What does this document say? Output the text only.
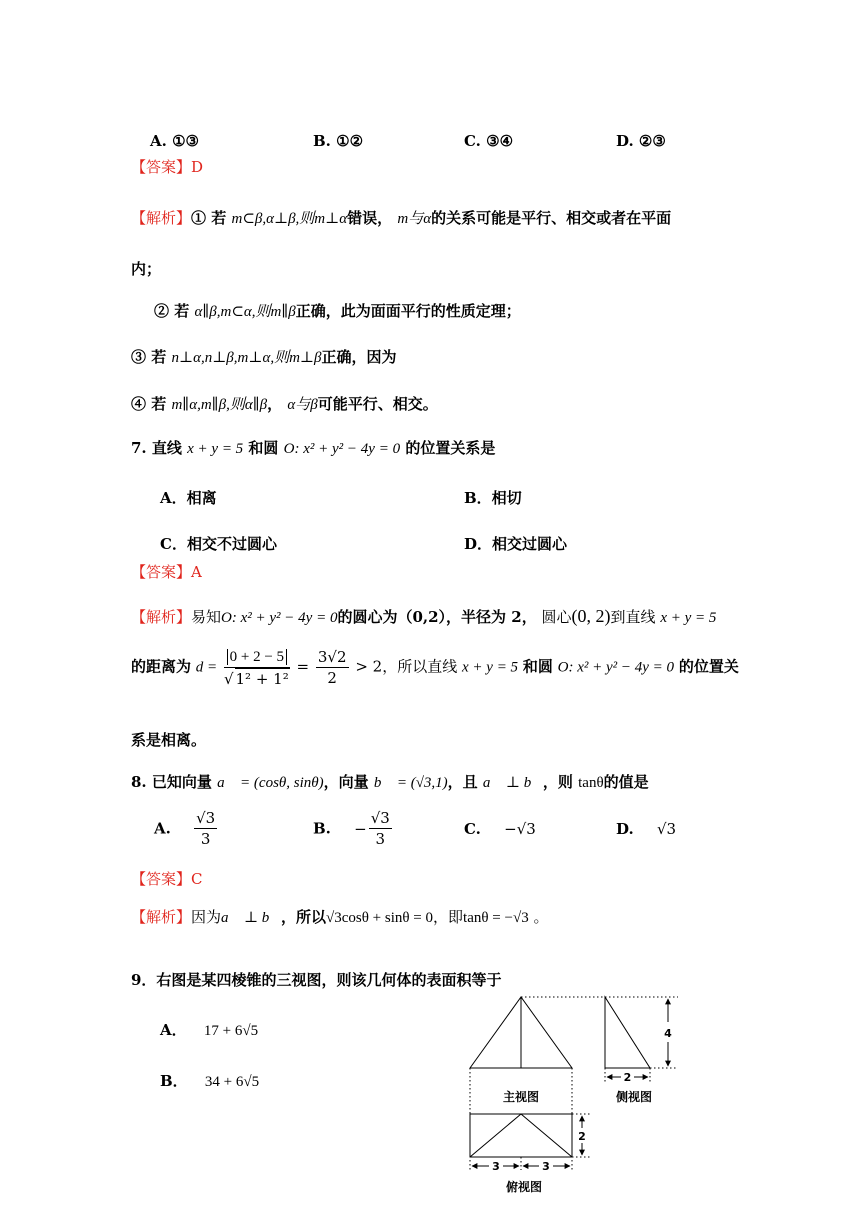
A. ①③	B. ①②	C. ③④	D. ②③
【答案】D
【解析】① 若 m⊂β,α⊥β,则m⊥α错误， m与α的关系可能是平行、相交或者在平面
内；
② 若 α∥β,m⊂α,则m∥β正确，此为面面平行的性质定理；
③ 若 n⊥α,n⊥β,m⊥α,则m⊥β正确，因为
④ 若 m∥α,m∥β,则α∥β， α与β可能平行、相交。
7. 直线 x + y = 5 和圆 O: x² + y² − 4y = 0 的位置关系是
A．相离	B．相切
C．相交不过圆心	D．相交过圆心
【答案】A
【解析】易知O: x² + y² − 4y = 0的圆心为（0,2），半径为 2， 圆心(0, 2)到直线 x + y = 5
的距离为 $d = \frac{0 + 2 - 5}{\text{√ 1² + 1²}} = \frac{3√2}{2} > 2$，所以直线 x + y = 5 和圆 O: x² + y² − 4y = 0 的位置关
系是相离。
8. 已知向量 a⃗ = (cosθ, sinθ)，向量 b⃗ = (√3,1)，且 a⃗ ⊥ b⃗，则 tanθ的值是
A. $\frac{√3}{3}$	B. − $\frac{√3}{3}$	C. −√3	D. √3
【答案】C
【解析】因为a⃗ ⊥ b⃗，所以√3cosθ + sinθ = 0，即tanθ = −√3 。
9．右图是某四棱锥的三视图，则该几何体的表面积等于
A． 17 + 6√5
B． 34 + 6√5
4
2
2
3	3
主视图	侧视图
俯视图
